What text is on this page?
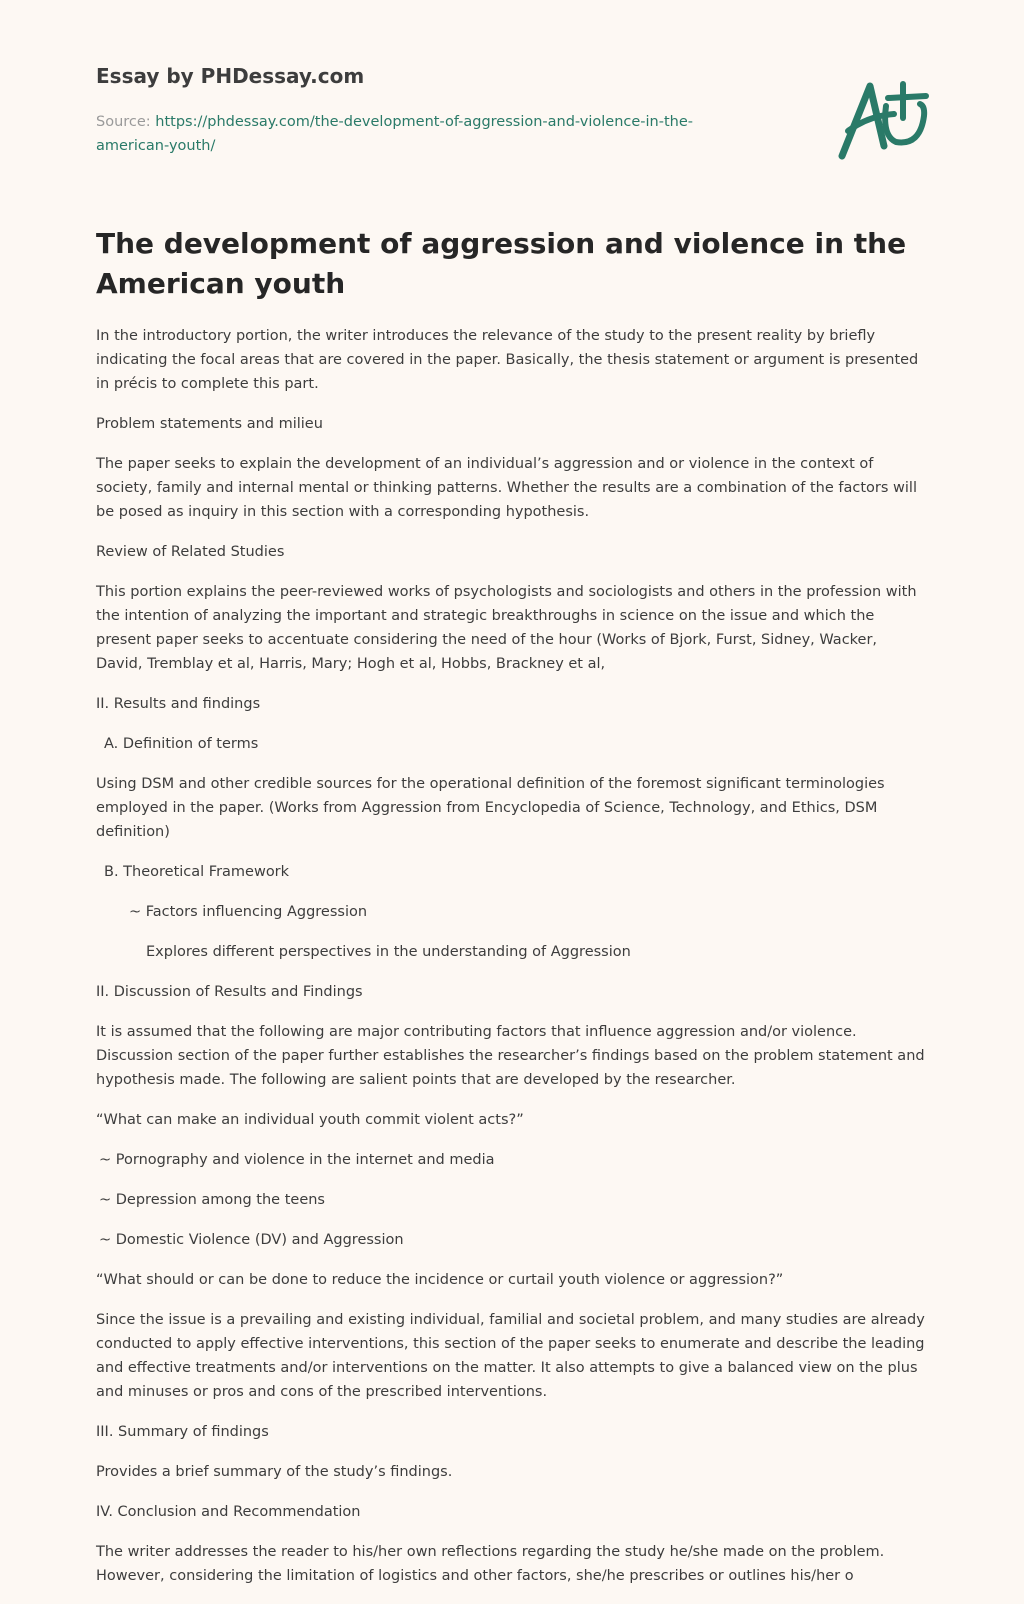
Essay by PHDessay.com
Source: https://phdessay.com/the-development-of-aggression-and-violence-in-the-american-youth/
The development of aggression and violence in the American youth

In the introductory portion, the writer introduces the relevance of the study to the present reality by briefly indicating the focal areas that are covered in the paper. Basically, the thesis statement or argument is presented in précis to complete this part.

Problem statements and milieu

The paper seeks to explain the development of an individual’s aggression and or violence in the context of society, family and internal mental or thinking patterns. Whether the results are a combination of the factors will be posed as inquiry in this section with a corresponding hypothesis.

Review of Related Studies

This portion explains the peer-reviewed works of psychologists and sociologists and others in the profession with the intention of analyzing the important and strategic breakthroughs in science on the issue and which the present paper seeks to accentuate considering the need of the hour (Works of Bjork, Furst, Sidney, Wacker, David, Tremblay et al, Harris, Mary; Hogh et al, Hobbs, Brackney et al,

II. Results and findings

A. Definition of terms

Using DSM and other credible sources for the operational definition of the foremost significant terminologies employed in the paper. (Works from Aggression from Encyclopedia of Science, Technology, and Ethics, DSM definition)

B. Theoretical Framework

~ Factors influencing Aggression

Explores different perspectives in the understanding of Aggression

II. Discussion of Results and Findings

It is assumed that the following are major contributing factors that influence aggression and/or violence. Discussion section of the paper further establishes the researcher’s findings based on the problem statement and hypothesis made. The following are salient points that are developed by the researcher.

“What can make an individual youth commit violent acts?”

~ Pornography and violence in the internet and media

~ Depression among the teens

~ Domestic Violence (DV) and Aggression

“What should or can be done to reduce the incidence or curtail youth violence or aggression?”

Since the issue is a prevailing and existing individual, familial and societal problem, and many studies are already conducted to apply effective interventions, this section of the paper seeks to enumerate and describe the leading and effective treatments and/or interventions on the matter. It also attempts to give a balanced view on the plus and minuses or pros and cons of the prescribed interventions.

III. Summary of findings

Provides a brief summary of the study’s findings.

IV. Conclusion and Recommendation

The writer addresses the reader to his/her own reflections regarding the study he/she made on the problem. However, considering the limitation of logistics and other factors, she/he prescribes or outlines his/her o
